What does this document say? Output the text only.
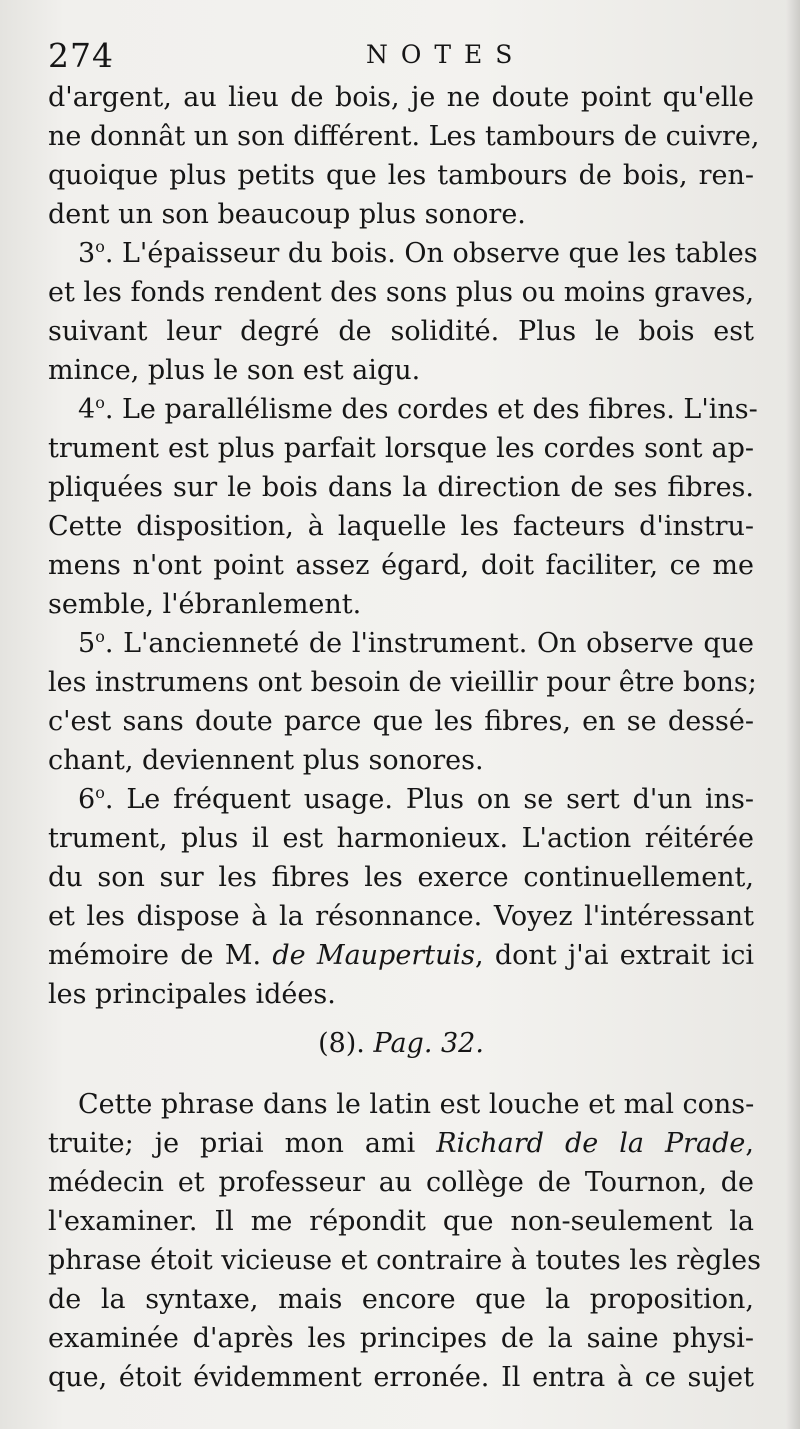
274	NOTES
d'argent, au lieu de bois, je ne doute point qu'elle
ne donnât un son différent. Les tambours de cuivre,
quoique plus petits que les tambours de bois, ren-
dent un son beaucoup plus sonore.
3$^o$. L'épaisseur du bois. On observe que les tables
et les fonds rendent des sons plus ou moins graves,
suivant leur degré de solidité. Plus le bois est
mince, plus le son est aigu.
4$^o$. Le parallélisme des cordes et des fibres. L'ins-
trument est plus parfait lorsque les cordes sont ap-
pliquées sur le bois dans la direction de ses fibres.
Cette disposition, à laquelle les facteurs d'instru-
mens n'ont point assez égard, doit faciliter, ce me
semble, l'ébranlement.
5$^o$. L'ancienneté de l'instrument. On observe que
les instrumens ont besoin de vieillir pour être bons;
c'est sans doute parce que les fibres, en se dessé-
chant, deviennent plus sonores.
6$^o$. Le fréquent usage. Plus on se sert d'un ins-
trument, plus il est harmonieux. L'action réitérée
du son sur les fibres les exerce continuellement,
et les dispose à la résonnance. Voyez l'intéressant
mémoire de M. de Maupertuis, dont j'ai extrait ici
les principales idées.
(8). Pag. 32.
Cette phrase dans le latin est louche et mal cons-
truite; je priai mon ami Richard de la Prade,
médecin et professeur au collège de Tournon, de
l'examiner. Il me répondit que non-seulement la
phrase étoit vicieuse et contraire à toutes les règles
de la syntaxe, mais encore que la proposition,
examinée d'après les principes de la saine physi-
que, étoit évidemment erronée. Il entra à ce sujet
